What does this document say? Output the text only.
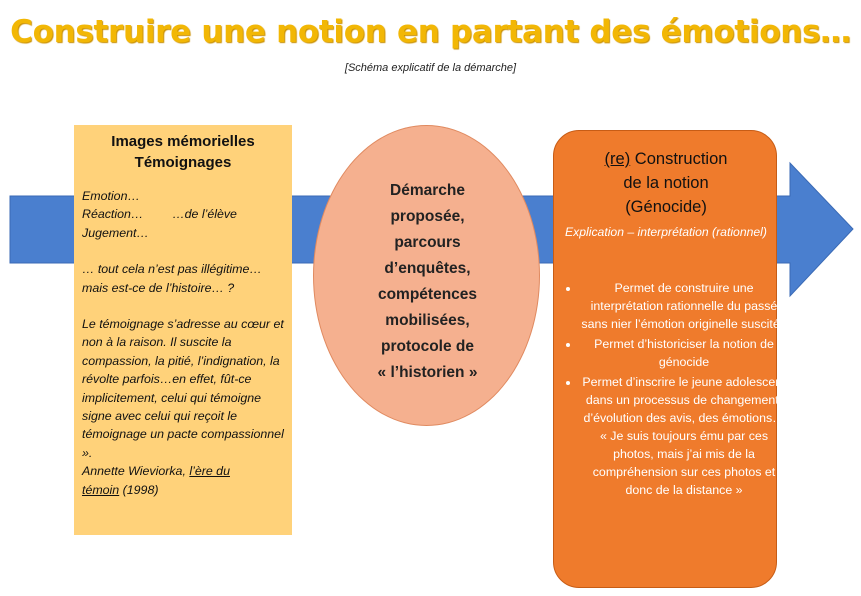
Construire une notion en partant des émotions…
[Schéma explicatif de la démarche]
Images mémorielles
Témoignages

Emotion…

Réaction… …de l’élève

Jugement…

… tout cela n’est pas illégitime…

mais est-ce de l’histoire… ?

Le témoignage s’adresse au cœur et non à la raison. Il suscite la compassion, la pitié, l’indignation, la révolte parfois…en effet, fût-ce implicitement, celui qui témoigne signe avec celui qui reçoit le témoignage un pacte compassionnel ».

Annette Wieviorka, l’ère du
témoin (1998)

Démarche
proposée,
parcours
d’enquêtes,
compétences
mobilisées,
protocole de
« l’historien »
(re) Construction
de la notion
(Génocide)
Explication – interprétation (rationnel)
• Permet de construire une interprétation rationnelle du passé sans nier l’émotion originelle suscitée
• Permet d’historiciser la notion de génocide
• Permet d’inscrire le jeune adolescent dans un processus de changement, d’évolution des avis, des émotions… « Je suis toujours ému par ces photos, mais j’ai mis de la compréhension sur ces photos et donc de la distance »
